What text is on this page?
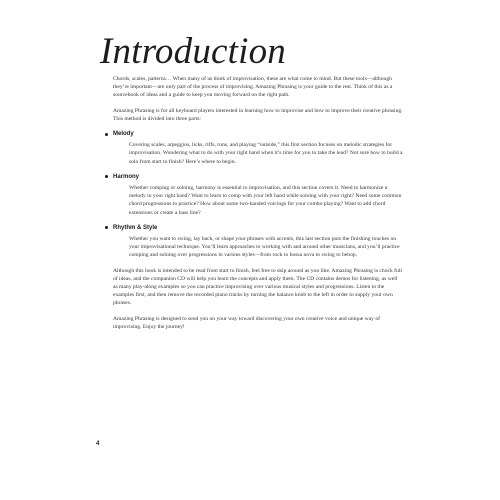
Introduction

Chords, scales, patterns… When many of us think of improvisation, these are what come to mind. But these tools—although they’re important—are only part of the process of improvising. Amazing Phrasing is your guide to the rest. Think of this as a sourcebook of ideas and a guide to keep you moving forward on the right path.

Amazing Phrasing is for all keyboard players interested in learning how to improvise and how to improve their creative phrasing. This method is divided into three parts:

Melody
Covering scales, arpeggios, licks, riffs, runs, and playing “outside,” this first section focuses on melodic strategies for improvisation. Wondering what to do with your right hand when it’s time for you to take the lead? Not sure how to build a solo from start to finish? Here’s where to begin.
Harmony
Whether comping or soloing, harmony is essential to improvisation, and this section covers it. Need to harmonize a melody in your right hand? Want to learn to comp with your left hand while soloing with your right? Need some common chord progressions to practice? How about some two-handed voicings for your combo playing? Want to add chord extensions or create a bass line?
Rhythm & Style
Whether you want to swing, lay back, or shape your phrases with accents, this last section puts the finishing touches on your improvisational technique. You’ll learn approaches to working with and around other musicians, and you’ll practice comping and soloing over progressions in various styles—from rock to bossa nova to swing to bebop.

Although this book is intended to be read from start to finish, feel free to skip around as you like. Amazing Phrasing is chock full of ideas, and the companion CD will help you learn the concepts and apply them. The CD contains demos for listening, as well as many play-along examples so you can practice improvising over various musical styles and progressions. Listen to the examples first, and then remove the recorded piano tracks by turning the balance knob to the left in order to supply your own phrases.

Amazing Phrasing is designed to send you on your way toward discovering your own creative voice and unique way of improvising. Enjoy the journey!

4
